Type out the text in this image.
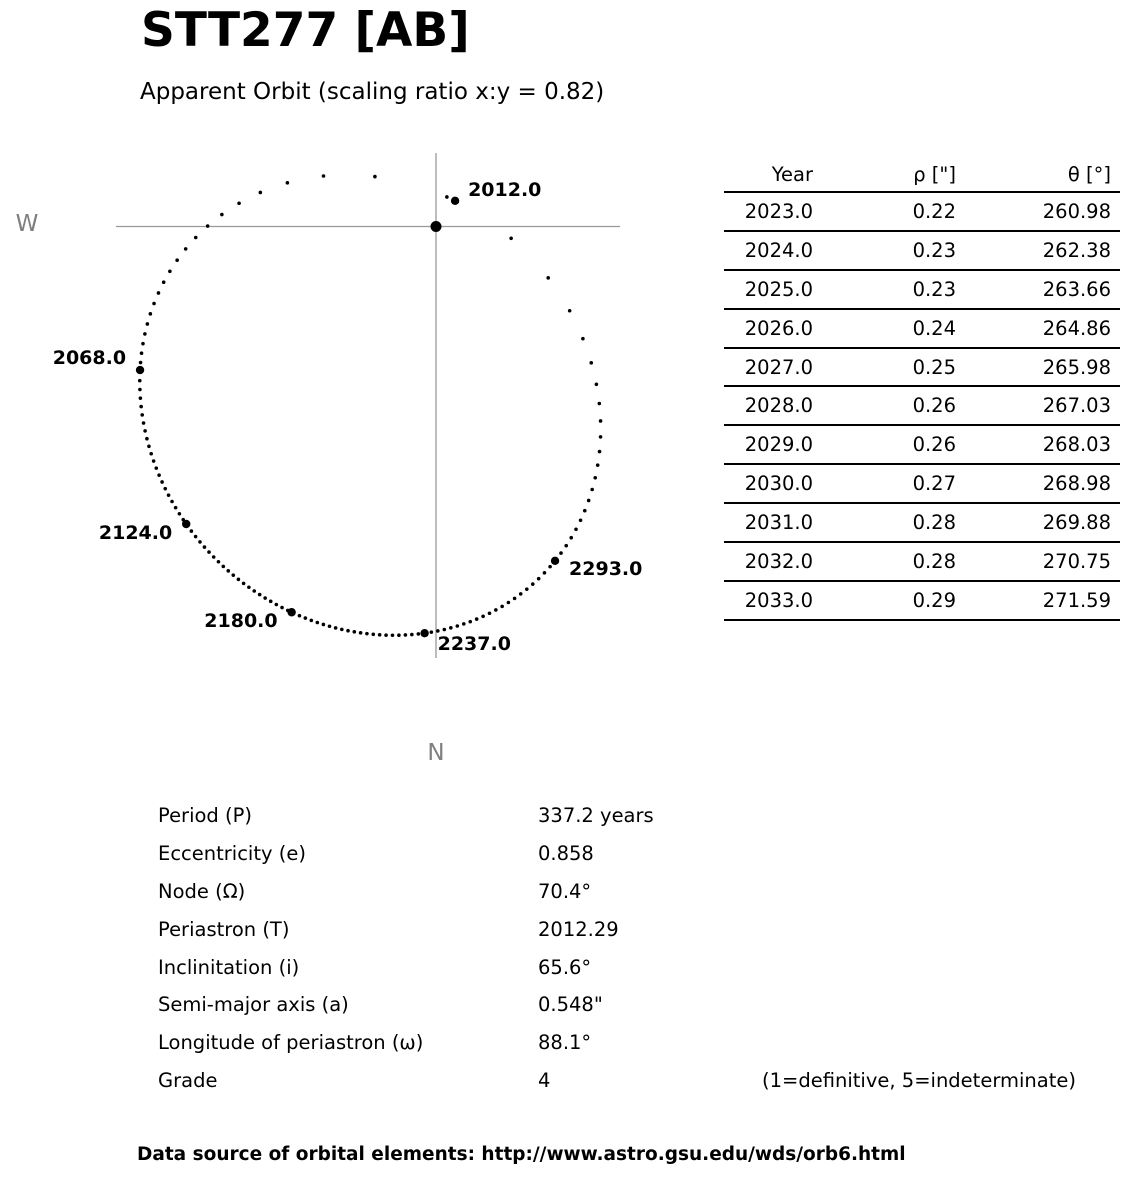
STT277 [AB]
Apparent Orbit (scaling ratio x:y = 0.82)
W
N
2012.0
2068.0
2124.0
2180.0
2237.0
2293.0
Year	ρ ["]	θ [°]
2023.0	0.22	260.98
2024.0	0.23	262.38
2025.0	0.23	263.66
2026.0	0.24	264.86
2027.0	0.25	265.98
2028.0	0.26	267.03
2029.0	0.26	268.03
2030.0	0.27	268.98
2031.0	0.28	269.88
2032.0	0.28	270.75
2033.0	0.29	271.59
Period (P)	337.2 years
Eccentricity (e)	0.858
Node (Ω)	70.4°
Periastron (T)	2012.29
Inclinitation (i)	65.6°
Semi-major axis (a)	0.548"
Longitude of periastron (ω)	88.1°
Grade	4	(1=definitive, 5=indeterminate)
Data source of orbital elements: http://www.astro.gsu.edu/wds/orb6.html
